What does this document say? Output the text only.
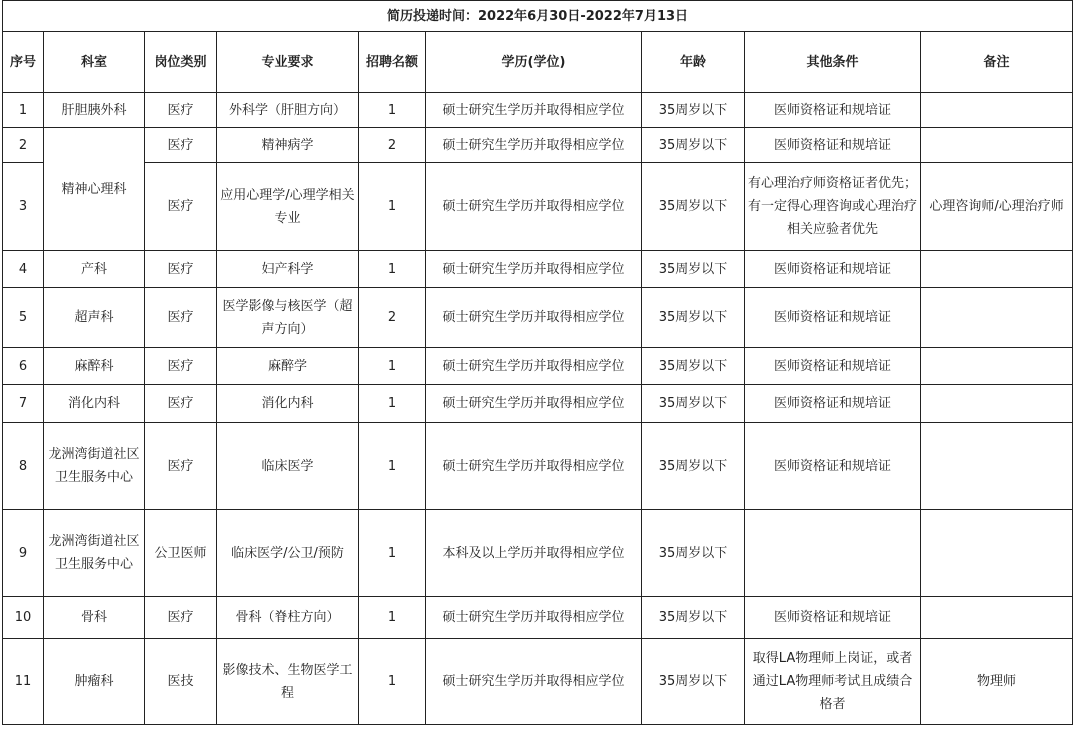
简历投递时间：2022年6月30日-2022年7月13日								
序号	科室	岗位类别	专业要求	招聘名额	学历(学位)	年龄	其他条件	备注
1	肝胆胰外科	医疗	外科学（肝胆方向）	1	硕士研究生学历并取得相应学位	35周岁以下	医师资格证和规培证	
2	精神心理科	医疗	精神病学	2	硕士研究生学历并取得相应学位	35周岁以下	医师资格证和规培证	
3		医疗	应用心理学/心理学相关专业	1	硕士研究生学历并取得相应学位	35周岁以下	有心理治疗师资格证者优先；有一定得心理咨询或心理治疗相关应验者优先	心理咨询师/心理治疗师
4	产科	医疗	妇产科学	1	硕士研究生学历并取得相应学位	35周岁以下	医师资格证和规培证	
5	超声科	医疗	医学影像与核医学（超声方向）	2	硕士研究生学历并取得相应学位	35周岁以下	医师资格证和规培证	
6	麻醉科	医疗	麻醉学	1	硕士研究生学历并取得相应学位	35周岁以下	医师资格证和规培证	
7	消化内科	医疗	消化内科	1	硕士研究生学历并取得相应学位	35周岁以下	医师资格证和规培证	
8	龙洲湾街道社区卫生服务中心	医疗	临床医学	1	硕士研究生学历并取得相应学位	35周岁以下	医师资格证和规培证	
9	龙洲湾街道社区卫生服务中心	公卫医师	临床医学/公卫/预防	1	本科及以上学历并取得相应学位	35周岁以下		
10	骨科	医疗	骨科（脊柱方向）	1	硕士研究生学历并取得相应学位	35周岁以下	医师资格证和规培证	
11	肿瘤科	医技	影像技术、生物医学工程	1	硕士研究生学历并取得相应学位	35周岁以下	取得LA物理师上岗证，或者通过LA物理师考试且成绩合格者	物理师
